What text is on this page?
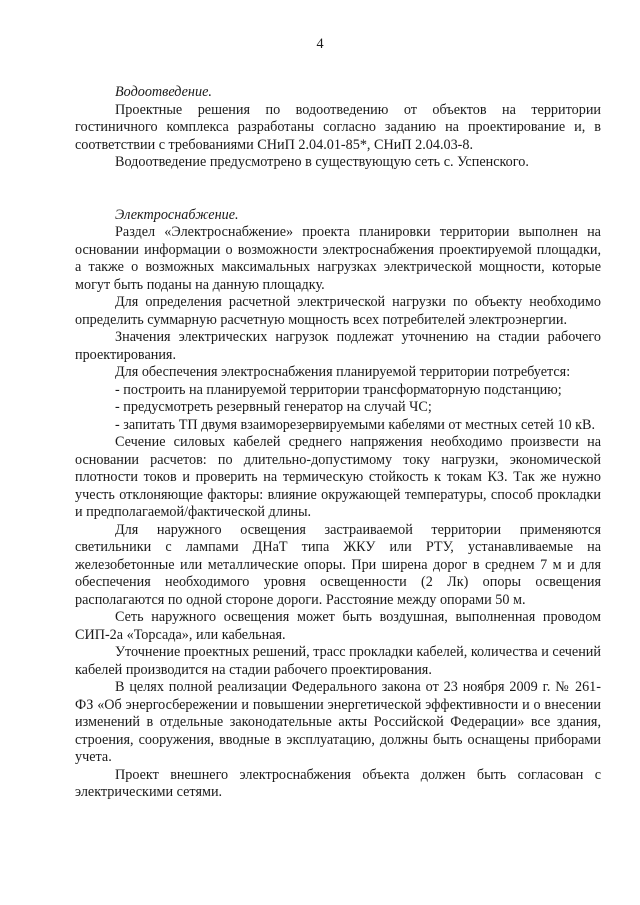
4

Водоотведение.

Проектные решения по водоотведению от объектов на территории гостиничного комплекса разработаны согласно заданию на проектирование и, в соответствии с требованиями СНиП 2.04.01-85*, СНиП 2.04.03-8.

Водоотведение предусмотрено в существующую сеть с. Успенского.

Электроснабжение.

Раздел «Электроснабжение» проекта планировки территории выполнен на основании информации о возможности электроснабжения проектируемой площадки, а также о возможных максимальных нагрузках электрической мощности, которые могут быть поданы на данную площадку.

Для определения расчетной электрической нагрузки по объекту необходимо определить суммарную расчетную мощность всех потребителей электроэнергии.

Значения электрических нагрузок подлежат уточнению на стадии рабочего проектирования.

Для обеспечения электроснабжения планируемой территории потребуется:

- построить на планируемой территории трансформаторную подстанцию;

- предусмотреть резервный генератор на случай ЧС;

- запитать ТП двумя взаиморезервируемыми кабелями от местных сетей 10 кВ.

Сечение силовых кабелей среднего напряжения необходимо произвести на основании расчетов: по длительно-допустимому току нагрузки, экономической плотности токов и проверить на термическую стойкость к токам КЗ. Так же нужно учесть отклоняющие факторы: влияние окружающей температуры, способ прокладки и предполагаемой/фактической длины.

Для наружного освещения застраиваемой территории применяются светильники с лампами ДНаТ типа ЖКУ или РТУ, устанавливаемые на железобетонные или металлические опоры. При ширена дорог в среднем 7 м и для обеспечения необходимого уровня освещенности (2 Лк) опоры освещения располагаются по одной стороне дороги. Расстояние между опорами 50 м.

Сеть наружного освещения может быть воздушная, выполненная проводом СИП-2а «Торсада», или кабельная.

Уточнение проектных решений, трасс прокладки кабелей, количества и сечений кабелей производится на стадии рабочего проектирования.

В целях полной реализации Федерального закона от 23 ноября 2009 г. № 261-ФЗ «Об энергосбережении и повышении энергетической эффективности и о внесении изменений в отдельные законодательные акты Российской Федерации» все здания, строения, сооружения, вводные в эксплуатацию, должны быть оснащены приборами учета.

Проект внешнего электроснабжения объекта должен быть согласован с электрическими сетями.
